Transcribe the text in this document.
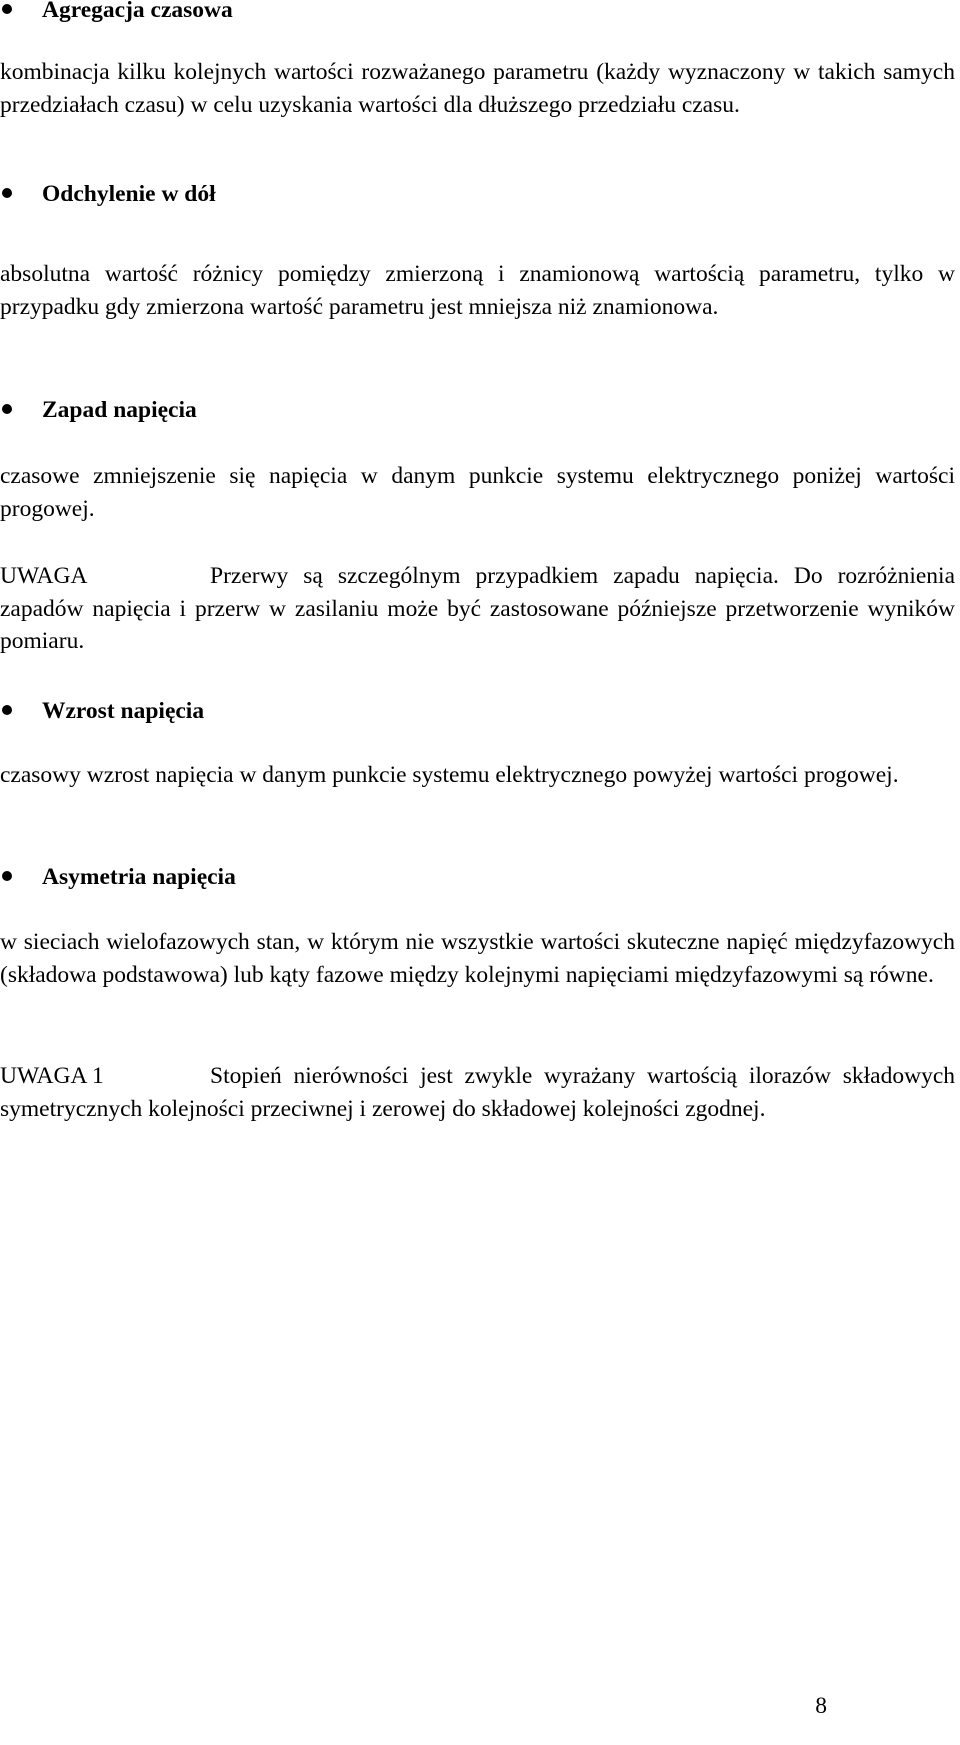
Agregacja czasowa
kombinacja kilku kolejnych wartości rozważanego parametru (każdy wyznaczony w takich samych przedziałach czasu) w celu uzyskania wartości dla dłuższego przedziału czasu.
Odchylenie w dół
absolutna wartość różnicy pomiędzy zmierzoną i znamionową wartością parametru, tylko w przypadku gdy zmierzona wartość parametru jest mniejsza niż znamionowa.
Zapad napięcia
czasowe zmniejszenie się napięcia w danym punkcie systemu elektrycznego poniżej wartości progowej.
UWAGA	Przerwy są szczególnym przypadkiem zapadu napięcia. Do rozróżnienia zapadów napięcia i przerw w zasilaniu może być zastosowane późniejsze przetworzenie wyników pomiaru.
Wzrost napięcia
czasowy wzrost napięcia w danym punkcie systemu elektrycznego powyżej wartości progowej.
Asymetria napięcia
w sieciach wielofazowych stan, w którym nie wszystkie wartości skuteczne napięć międzyfazowych (składowa podstawowa) lub kąty fazowe między kolejnymi napięciami międzyfazowymi są równe.
UWAGA 1	Stopień nierówności jest zwykle wyrażany wartością ilorazów składowych symetrycznych kolejności przeciwnej i zerowej do składowej kolejności zgodnej.
8
